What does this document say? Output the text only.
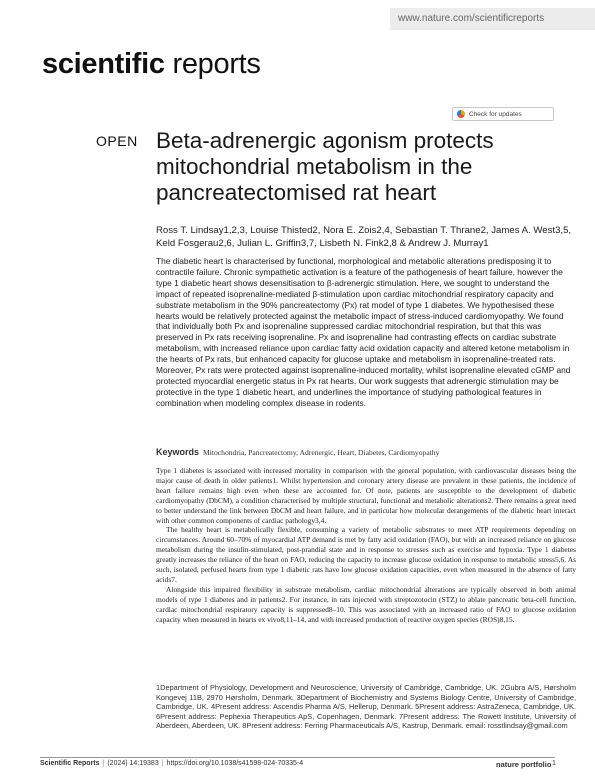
www.nature.com/scientificreports
scientific reports
Check for updates
OPEN Beta-adrenergic agonism protects mitochondrial metabolism in the pancreatectomised rat heart
Ross T. Lindsay1,2,3, Louise Thisted2, Nora E. Zois2,4, Sebastian T. Thrane2, James A. West3,5, Keld Fosgerau2,6, Julian L. Griffin3,7, Lisbeth N. Fink2,8 & Andrew J. Murray1
The diabetic heart is characterised by functional, morphological and metabolic alterations predisposing it to contractile failure. Chronic sympathetic activation is a feature of the pathogenesis of heart failure, however the type 1 diabetic heart shows desensitisation to β-adrenergic stimulation. Here, we sought to understand the impact of repeated isoprenaline-mediated β-stimulation upon cardiac mitochondrial respiratory capacity and substrate metabolism in the 90% pancreatectomy (Px) rat model of type 1 diabetes. We hypothesised these hearts would be relatively protected against the metabolic impact of stress-induced cardiomyopathy. We found that individually both Px and isoprenaline suppressed cardiac mitochondrial respiration, but that this was preserved in Px rats receiving isoprenaline. Px and isoprenaline had contrasting effects on cardiac substrate metabolism, with increased reliance upon cardiac fatty acid oxidation capacity and altered ketone metabolism in the hearts of Px rats, but enhanced capacity for glucose uptake and metabolism in isoprenaline-treated rats. Moreover, Px rats were protected against isoprenaline-induced mortality, whilst isoprenaline elevated cGMP and protected myocardial energetic status in Px rat hearts. Our work suggests that adrenergic stimulation may be protective in the type 1 diabetic heart, and underlines the importance of studying pathological features in combination when modeling complex disease in rodents.
Keywords Mitochondria, Pancreatectomy, Adrenergic, Heart, Diabetes, Cardiomyopathy

Type 1 diabetes is associated with increased mortality in comparison with the general population, with cardiovascular diseases being the major cause of death in older patients1. Whilst hypertension and coronary artery disease are prevalent in these patients, the incidence of heart failure remains high even when these are accounted for. Of note, patients are susceptible to the development of diabetic cardiomyopathy (DbCM), a condition characterised by multiple structural, functional and metabolic alterations2. There remains a great need to better understand the link between DbCM and heart failure, and in particular how molecular derangements of the diabetic heart interact with other common components of cardiac pathology3,4.

The healthy heart is metabolically flexible, consuming a variety of metabolic substrates to meet ATP requirements depending on circumstances. Around 60–70% of myocardial ATP demand is met by fatty acid oxidation (FAO), but with an increased reliance on glucose metabolism during the insulin-stimulated, post-prandial state and in response to stresses such as exercise and hypoxia. Type 1 diabetes greatly increases the reliance of the heart on FAO, reducing the capacity to increase glucose oxidation in response to metabolic stress5,6. As such, isolated, perfused hearts from type 1 diabetic rats have low glucose oxidation capacities, even when measured in the absence of fatty acids7.

Alongside this impaired flexibility in substrate metabolism, cardiac mitochondrial alterations are typically observed in both animal models of type 1 diabetes and in patients2. For instance, in rats injected with streptozotocin (STZ) to ablate pancreatic beta-cell function, cardiac mitochondrial respiratory capacity is suppressed8–10. This was associated with an increased ratio of FAO to glucose oxidation capacity when measured in hearts ex vivo8,11–14, and with increased production of reactive oxygen species (ROS)8,15.

1Department of Physiology, Development and Neuroscience, University of Cambridge, Cambridge, UK. 2Gubra A/S, Hørsholm Kongevej 11B, 2970 Hørsholm, Denmark. 3Department of Biochemistry and Systems Biology Centre, University of Cambridge, Cambridge, UK. 4Present address: Ascendis Pharma A/S, Hellerup, Denmark. 5Present address: AstraZeneca, Cambridge, UK. 6Present address: Pephexia Therapeutics ApS, Copenhagen, Denmark. 7Present address: The Rowett Institute, University of Aberdeen, Aberdeen, UK. 8Present address: Ferring Pharmaceuticals A/S, Kastrup, Denmark. email: rosstlindsay@gmail.com
Scientific Reports | (2024) 14:19383 | https://doi.org/10.1038/s41598-024-70335-4	nature portfolio 1
